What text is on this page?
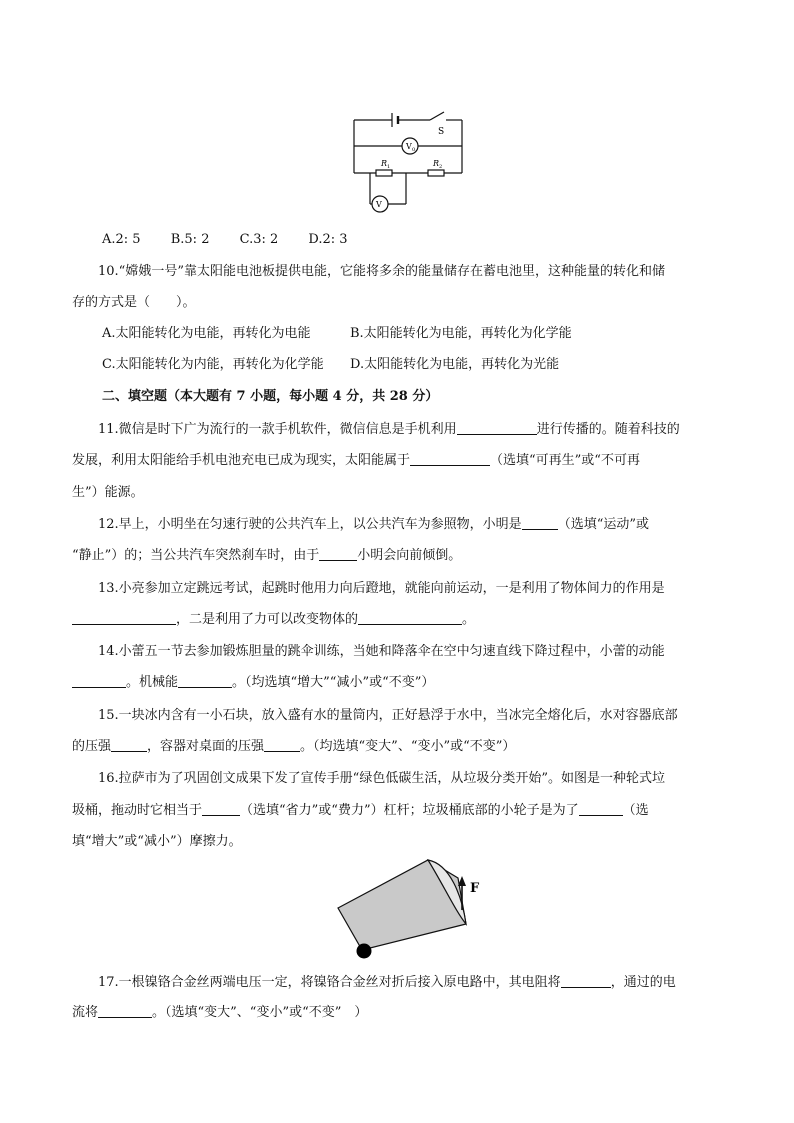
S
V 0
R 1	R 2
V
A.2: 5 B.5: 2 C.3: 2 D.2: 3
10.“嫦娥一号”靠太阳能电池板提供电能，它能将多余的能量储存在蓄电池里，这种能量的转化和储
存的方式是（　　）。
A.太阳能转化为电能，再转化为电能	B.太阳能转化为电能，再转化为化学能
C.太阳能转化为内能，再转化为化学能 D.太阳能转化为电能，再转化为光能
二、填空题（本大题有 7 小题，每小题 4 分，共 28 分）
11.微信是时下广为流行的一款手机软件，微信信息是手机利用	进行传播的。随着科技的
发展，利用太阳能给手机电池充电已成为现实，太阳能属于	（选填“可再生”或“不可再
生”）能源。
12.早上，小明坐在匀速行驶的公共汽车上，以公共汽车为参照物，小明是	（选填“运动”或
“静止”）的；当公共汽车突然刹车时，由于	小明会向前倾倒。
13.小亮参加立定跳远考试，起跳时他用力向后蹬地，就能向前运动，一是利用了物体间力的作用是
，二是利用了力可以改变物体的	。
14.小蕾五一节去参加锻炼胆量的跳伞训练，当她和降落伞在空中匀速直线下降过程中，小蕾的动能
。机械能	。（均选填“增大”“减小”或“不变”）
15.一块冰内含有一小石块，放入盛有水的量筒内，正好悬浮于水中，当冰完全熔化后，水对容器底部
的压强	，容器对桌面的压强	。（均选填“变大”、“变小”或“不变”）
16.拉萨市为了巩固创文成果下发了宣传手册“绿色低碳生活，从垃圾分类开始”。如图是一种轮式垃
圾桶，拖动时它相当于	（选填“省力”或“费力”）杠杆；垃圾桶底部的小轮子是为了	（选
填“增大”或“减小”）摩擦力。
F
17.一根镍铬合金丝两端电压一定，将镍铬合金丝对折后接入原电路中，其电阻将	，通过的电
流将	。（选填“变大”、“变小”或“不变”　）
